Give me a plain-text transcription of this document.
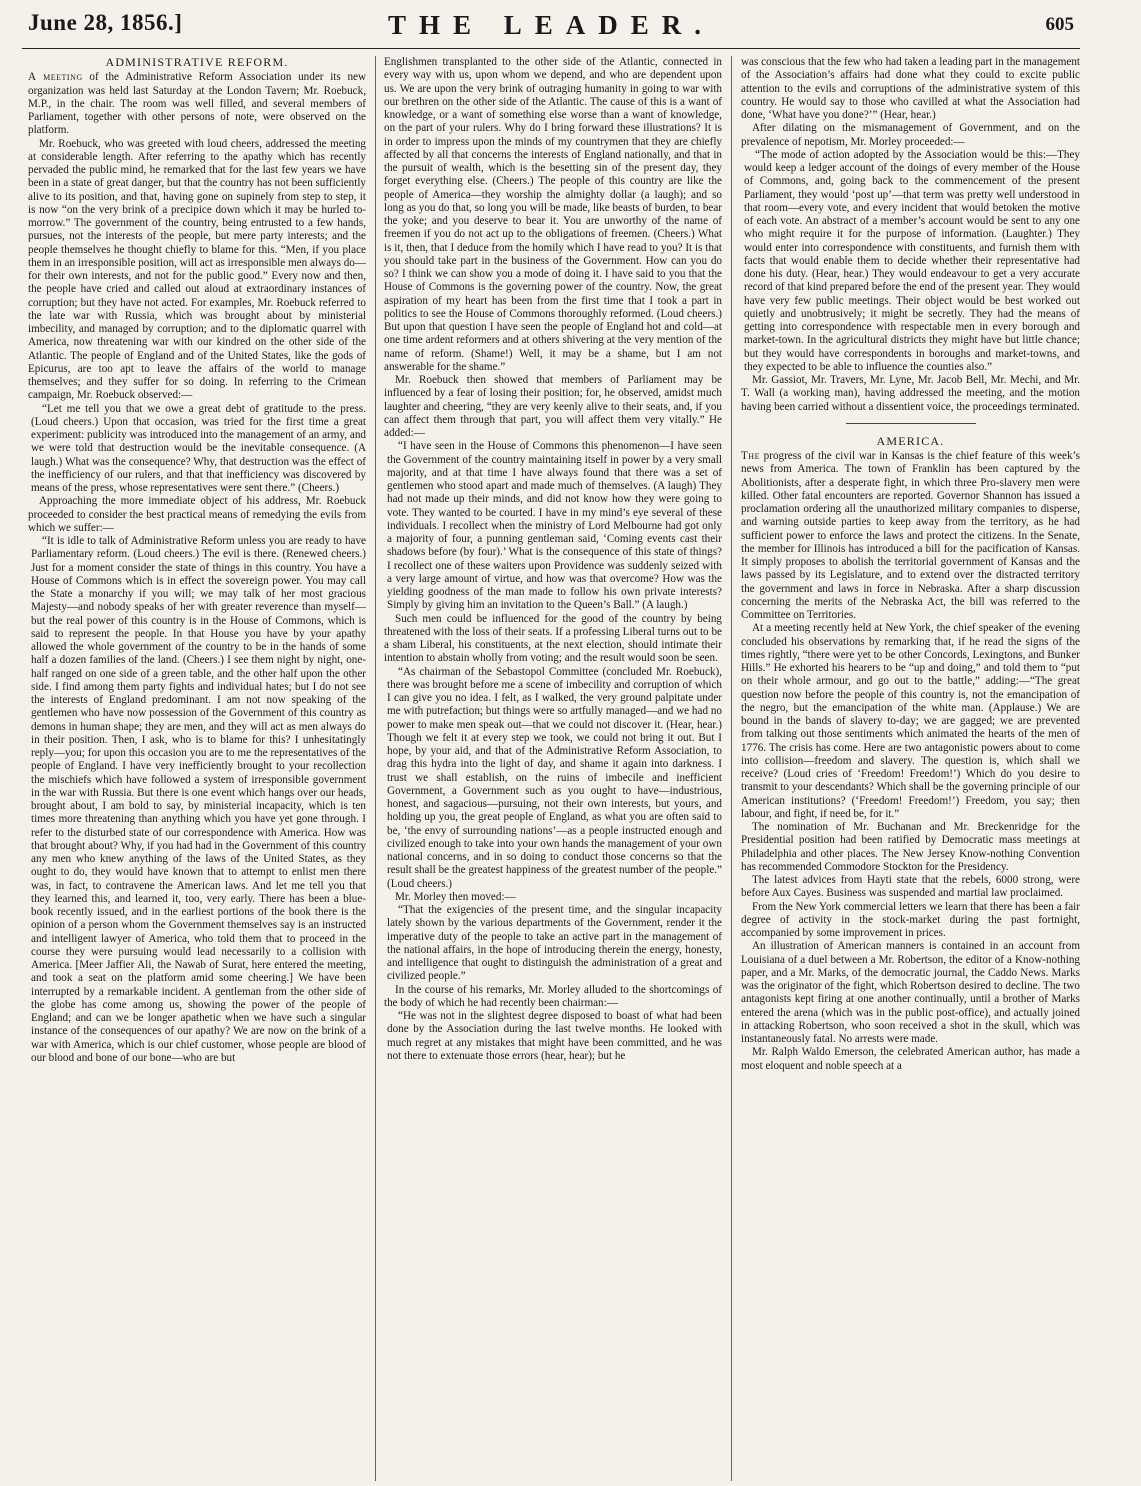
June 28, 1856.]	THE LEADER.	605
ADMINISTRATIVE REFORM.

A meeting of the Administrative Reform Association under its new organization was held last Saturday at the London Tavern; Mr. Roebuck, M.P., in the chair. The room was well filled, and several members of Parliament, together with other persons of note, were observed on the platform.

Mr. Roebuck, who was greeted with loud cheers, addressed the meeting at considerable length. After referring to the apathy which has recently pervaded the public mind, he remarked that for the last few years we have been in a state of great danger, but that the country has not been sufficiently alive to its position, and that, having gone on supinely from step to step, it is now “on the very brink of a precipice down which it may be hurled to-morrow.” The government of the country, being entrusted to a few hands, pursues, not the interests of the people, but mere party interests; and the people themselves he thought chiefly to blame for this. “Men, if you place them in an irresponsible position, will act as irresponsible men always do—for their own interests, and not for the public good.” Every now and then, the people have cried and called out aloud at extraordinary instances of corruption; but they have not acted. For examples, Mr. Roebuck referred to the late war with Russia, which was brought about by ministerial imbecility, and managed by corruption; and to the diplomatic quarrel with America, now threatening war with our kindred on the other side of the Atlantic. The people of England and of the United States, like the gods of Epicurus, are too apt to leave the affairs of the world to manage themselves; and they suffer for so doing. In referring to the Crimean campaign, Mr. Roebuck observed:—

“Let me tell you that we owe a great debt of gratitude to the press. (Loud cheers.) Upon that occasion, was tried for the first time a great experiment: publicity was introduced into the management of an army, and we were told that destruction would be the inevitable consequence. (A laugh.) What was the consequence? Why, that destruction was the effect of the inefficiency of our rulers, and that that inefficiency was discovered by means of the press, whose representatives were sent there.” (Cheers.)

Approaching the more immediate object of his address, Mr. Roebuck proceeded to consider the best practical means of remedying the evils from which we suffer:—

“It is idle to talk of Administrative Reform unless you are ready to have Parliamentary reform. (Loud cheers.) The evil is there. (Renewed cheers.) Just for a moment consider the state of things in this country. You have a House of Commons which is in effect the sovereign power. You may call the State a monarchy if you will; we may talk of her most gracious Majesty—and nobody speaks of her with greater reverence than myself—but the real power of this country is in the House of Commons, which is said to represent the people. In that House you have by your apathy allowed the whole government of the country to be in the hands of some half a dozen families of the land. (Cheers.) I see them night by night, one-half ranged on one side of a green table, and the other half upon the other side. I find among them party fights and individual hates; but I do not see the interests of England predominant. I am not now speaking of the gentlemen who have now possession of the Government of this country as demons in human shape; they are men, and they will act as men always do in their position. Then, I ask, who is to blame for this? I unhesitatingly reply—you; for upon this occasion you are to me the representatives of the people of England. I have very inefficiently brought to your recollection the mischiefs which have followed a system of irresponsible government in the war with Russia. But there is one event which hangs over our heads, brought about, I am bold to say, by ministerial incapacity, which is ten times more threatening than anything which you have yet gone through. I refer to the disturbed state of our correspondence with America. How was that brought about? Why, if you had had in the Government of this country any men who knew anything of the laws of the United States, as they ought to do, they would have known that to attempt to enlist men there was, in fact, to contravene the American laws. And let me tell you that they learned this, and learned it, too, very early. There has been a blue-book recently issued, and in the earliest portions of the book there is the opinion of a person whom the Government themselves say is an instructed and intelligent lawyer of America, who told them that to proceed in the course they were pursuing would lead necessarily to a collision with America. [Meer Jaffier Ali, the Nawab of Surat, here entered the meeting, and took a seat on the platform amid some cheering.] We have been interrupted by a remarkable incident. A gentleman from the other side of the globe has come among us, showing the power of the people of England; and can we be longer apathetic when we have such a singular instance of the consequences of our apathy? We are now on the brink of a war with America, which is our chief customer, whose people are blood of our blood and bone of our bone—who are but

Englishmen transplanted to the other side of the Atlantic, connected in every way with us, upon whom we depend, and who are dependent upon us. We are upon the very brink of outraging humanity in going to war with our brethren on the other side of the Atlantic. The cause of this is a want of knowledge, or a want of something else worse than a want of knowledge, on the part of your rulers. Why do I bring forward these illustrations? It is in order to impress upon the minds of my countrymen that they are chiefly affected by all that concerns the interests of England nationally, and that in the pursuit of wealth, which is the besetting sin of the present day, they forget everything else. (Cheers.) The people of this country are like the people of America—they worship the almighty dollar (a laugh); and so long as you do that, so long you will be made, like beasts of burden, to bear the yoke; and you deserve to bear it. You are unworthy of the name of freemen if you do not act up to the obligations of freemen. (Cheers.) What is it, then, that I deduce from the homily which I have read to you? It is that you should take part in the business of the Government. How can you do so? I think we can show you a mode of doing it. I have said to you that the House of Commons is the governing power of the country. Now, the great aspiration of my heart has been from the first time that I took a part in politics to see the House of Commons thoroughly reformed. (Loud cheers.) But upon that question I have seen the people of England hot and cold—at one time ardent reformers and at others shivering at the very mention of the name of reform. (Shame!) Well, it may be a shame, but I am not answerable for the shame.”

Mr. Roebuck then showed that members of Parliament may be influenced by a fear of losing their position; for, he observed, amidst much laughter and cheering, “they are very keenly alive to their seats, and, if you can affect them through that part, you will affect them very vitally.” He added:—

“I have seen in the House of Commons this phenomenon—I have seen the Government of the country maintaining itself in power by a very small majority, and at that time I have always found that there was a set of gentlemen who stood apart and made much of themselves. (A laugh) They had not made up their minds, and did not know how they were going to vote. They wanted to be courted. I have in my mind’s eye several of these individuals. I recollect when the ministry of Lord Melbourne had got only a majority of four, a punning gentleman said, ‘Coming events cast their shadows before (by four).’ What is the consequence of this state of things? I recollect one of these waiters upon Providence was suddenly seized with a very large amount of virtue, and how was that overcome? How was the yielding goodness of the man made to follow his own private interests? Simply by giving him an invitation to the Queen’s Ball.” (A laugh.)

Such men could be influenced for the good of the country by being threatened with the loss of their seats. If a professing Liberal turns out to be a sham Liberal, his constituents, at the next election, should intimate their intention to abstain wholly from voting; and the result would soon be seen.

“As chairman of the Sebastopol Committee (concluded Mr. Roebuck), there was brought before me a scene of imbecility and corruption of which I can give you no idea. I felt, as I walked, the very ground palpitate under me with putrefaction; but things were so artfully managed—and we had no power to make men speak out—that we could not discover it. (Hear, hear.) Though we felt it at every step we took, we could not bring it out. But I hope, by your aid, and that of the Administrative Reform Association, to drag this hydra into the light of day, and shame it again into darkness. I trust we shall establish, on the ruins of imbecile and inefficient Government, a Government such as you ought to have—industrious, honest, and sagacious—pursuing, not their own interests, but yours, and holding up you, the great people of England, as what you are often said to be, ‘the envy of surrounding nations’—as a people instructed enough and civilized enough to take into your own hands the management of your own national concerns, and in so doing to conduct those concerns so that the result shall be the greatest happiness of the greatest number of the people.” (Loud cheers.)

Mr. Morley then moved:—

“That the exigencies of the present time, and the singular incapacity lately shown by the various departments of the Government, render it the imperative duty of the people to take an active part in the management of the national affairs, in the hope of introducing therein the energy, honesty, and intelligence that ought to distinguish the administration of a great and civilized people.”

In the course of his remarks, Mr. Morley alluded to the shortcomings of the body of which he had recently been chairman:—

“He was not in the slightest degree disposed to boast of what had been done by the Association during the last twelve months. He looked with much regret at any mistakes that might have been committed, and he was not there to extenuate those errors (hear, hear); but he

was conscious that the few who had taken a leading part in the management of the Association’s affairs had done what they could to excite public attention to the evils and corruptions of the administrative system of this country. He would say to those who cavilled at what the Association had done, ‘What have you done?’” (Hear, hear.)

After dilating on the mismanagement of Government, and on the prevalence of nepotism, Mr. Morley proceeded:—

“The mode of action adopted by the Association would be this:—They would keep a ledger account of the doings of every member of the House of Commons, and, going back to the commencement of the present Parliament, they would ‘post up’—that term was pretty well understood in that room—every vote, and every incident that would betoken the motive of each vote. An abstract of a member’s account would be sent to any one who might require it for the purpose of information. (Laughter.) They would enter into correspondence with constituents, and furnish them with facts that would enable them to decide whether their representative had done his duty. (Hear, hear.) They would endeavour to get a very accurate record of that kind prepared before the end of the present year. They would have very few public meetings. Their object would be best worked out quietly and unobtrusively; it might be secretly. They had the means of getting into correspondence with respectable men in every borough and market-town. In the agricultural districts they might have but little chance; but they would have correspondents in boroughs and market-towns, and they expected to be able to influence the counties also.”

Mr. Gassiot, Mr. Travers, Mr. Lyne, Mr. Jacob Bell, Mr. Mechi, and Mr. T. Wall (a working man), having addressed the meeting, and the motion having been carried without a dissentient voice, the proceedings terminated.

AMERICA.

The progress of the civil war in Kansas is the chief feature of this week’s news from America. The town of Franklin has been captured by the Abolitionists, after a desperate fight, in which three Pro-slavery men were killed. Other fatal encounters are reported. Governor Shannon has issued a proclamation ordering all the unauthorized military companies to disperse, and warning outside parties to keep away from the territory, as he had sufficient power to enforce the laws and protect the citizens. In the Senate, the member for Illinois has introduced a bill for the pacification of Kansas. It simply proposes to abolish the territorial government of Kansas and the laws passed by its Legislature, and to extend over the distracted territory the government and laws in force in Nebraska. After a sharp discussion concerning the merits of the Nebraska Act, the bill was referred to the Committee on Territories.

At a meeting recently held at New York, the chief speaker of the evening concluded his observations by remarking that, if he read the signs of the times rightly, “there were yet to be other Concords, Lexingtons, and Bunker Hills.” He exhorted his hearers to be “up and doing,” and told them to “put on their whole armour, and go out to the battle,” adding:—“The great question now before the people of this country is, not the emancipation of the negro, but the emancipation of the white man. (Applause.) We are bound in the bands of slavery to-day; we are gagged; we are prevented from talking out those sentiments which animated the hearts of the men of 1776. The crisis has come. Here are two antagonistic powers about to come into collision—freedom and slavery. The question is, which shall we receive? (Loud cries of ‘Freedom! Freedom!’) Which do you desire to transmit to your descendants? Which shall be the governing principle of our American institutions? (‘Freedom! Freedom!’) Freedom, you say; then labour, and fight, if need be, for it.”

The nomination of Mr. Buchanan and Mr. Breckenridge for the Presidential position had been ratified by Democratic mass meetings at Philadelphia and other places. The New Jersey Know-nothing Convention has recommended Commodore Stockton for the Presidency.

The latest advices from Hayti state that the rebels, 6000 strong, were before Aux Cayes. Business was suspended and martial law proclaimed.

From the New York commercial letters we learn that there has been a fair degree of activity in the stock-market during the past fortnight, accompanied by some improvement in prices.

An illustration of American manners is contained in an account from Louisiana of a duel between a Mr. Robertson, the editor of a Know-nothing paper, and a Mr. Marks, of the democratic journal, the Caddo News. Marks was the originator of the fight, which Robertson desired to decline. The two antagonists kept firing at one another continually, until a brother of Marks entered the arena (which was in the public post-office), and actually joined in attacking Robertson, who soon received a shot in the skull, which was instantaneously fatal. No arrests were made.

Mr. Ralph Waldo Emerson, the celebrated American author, has made a most eloquent and noble speech at a
